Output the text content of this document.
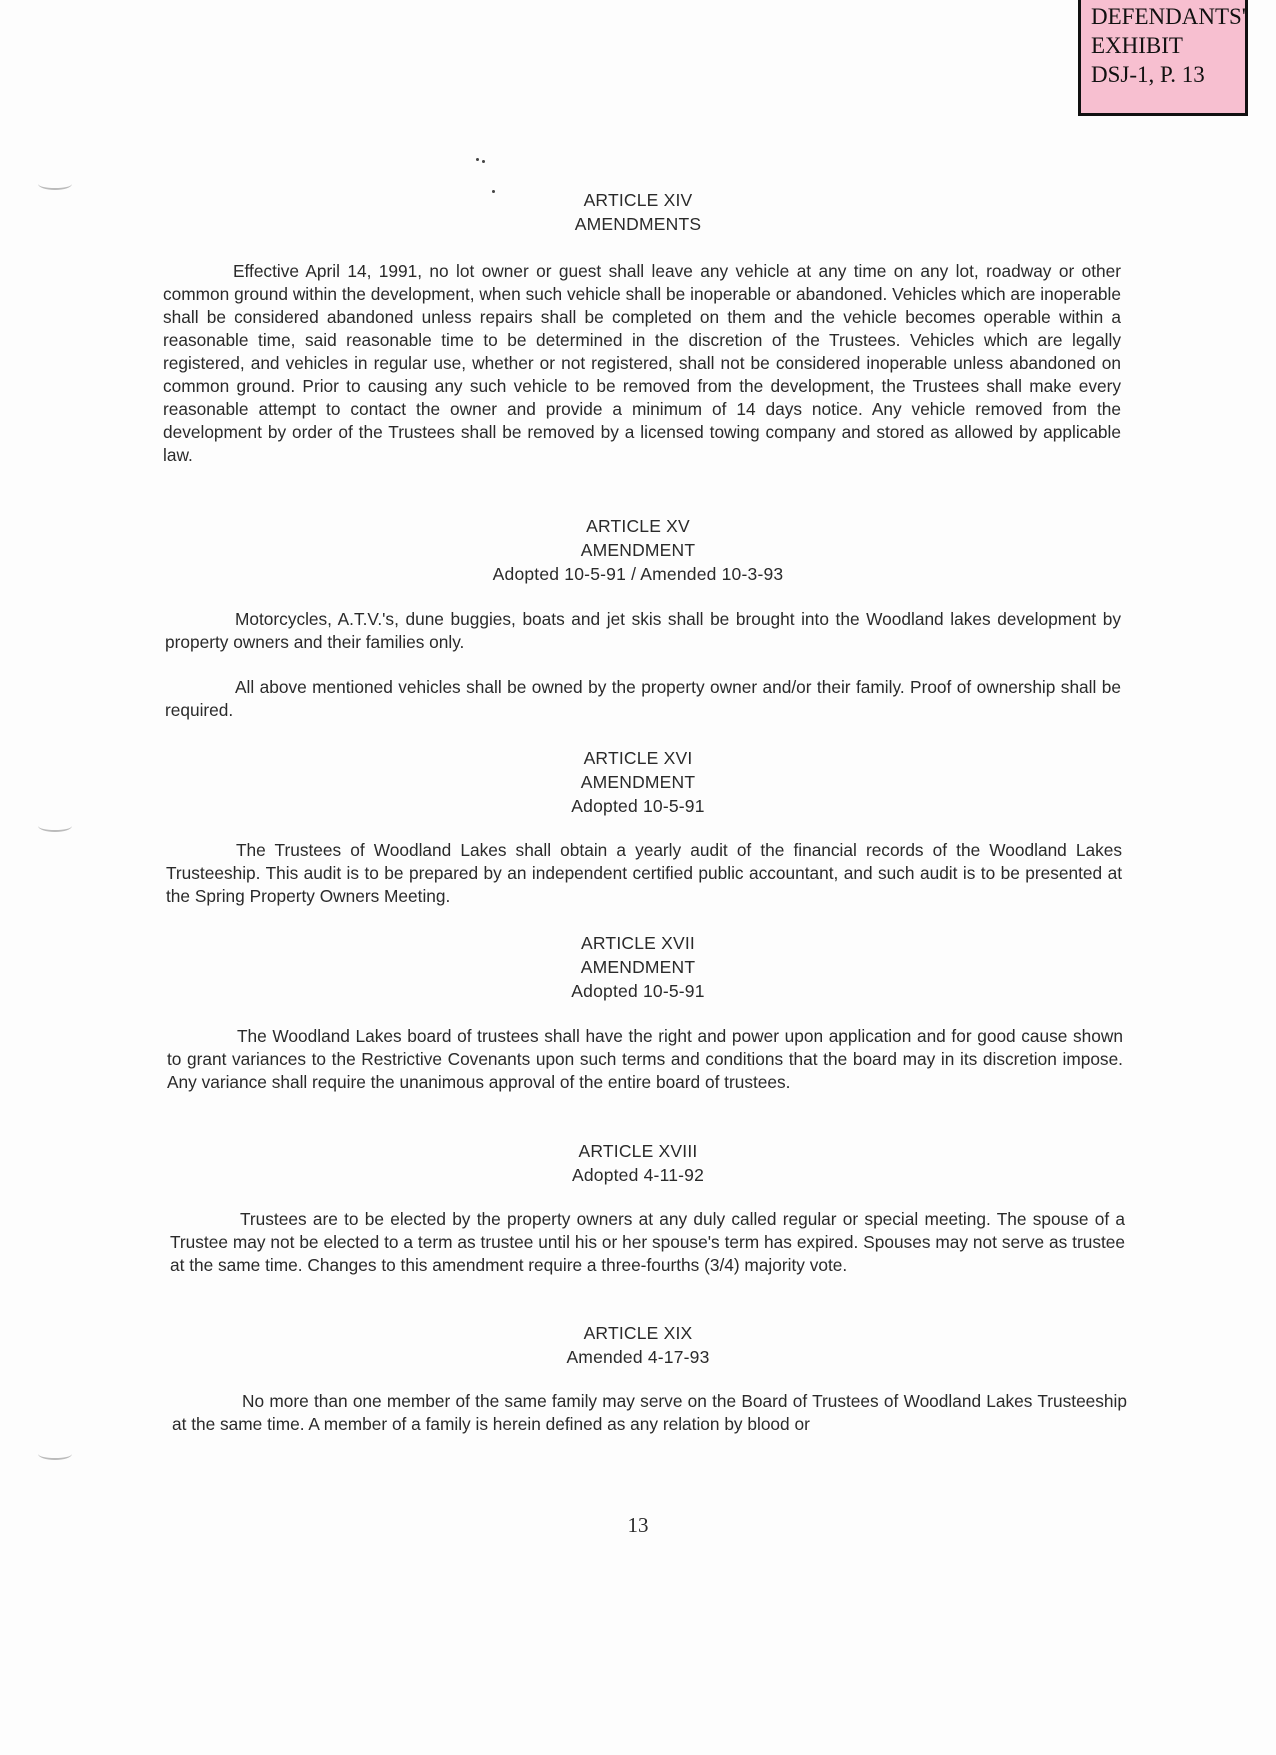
DEFENDANTS'
EXHIBIT
DSJ-1, P. 13
ARTICLE XIV
AMENDMENTS
Effective April 14, 1991, no lot owner or guest shall leave any vehicle at any time on any lot, roadway or other common ground within the development, when such vehicle shall be inoperable or abandoned. Vehicles which are inoperable shall be considered abandoned unless repairs shall be completed on them and the vehicle becomes operable within a reasonable time, said reasonable time to be determined in the discretion of the Trustees. Vehicles which are legally registered, and vehicles in regular use, whether or not registered, shall not be considered inoperable unless abandoned on common ground. Prior to causing any such vehicle to be removed from the development, the Trustees shall make every reasonable attempt to contact the owner and provide a minimum of 14 days notice. Any vehicle removed from the development by order of the Trustees shall be removed by a licensed towing company and stored as allowed by applicable law.
ARTICLE XV
AMENDMENT
Adopted 10-5-91 / Amended 10-3-93
Motorcycles, A.T.V.'s, dune buggies, boats and jet skis shall be brought into the Woodland lakes development by property owners and their families only.
All above mentioned vehicles shall be owned by the property owner and/or their family. Proof of ownership shall be required.
ARTICLE XVI
AMENDMENT
Adopted 10-5-91
The Trustees of Woodland Lakes shall obtain a yearly audit of the financial records of the Woodland Lakes Trusteeship. This audit is to be prepared by an independent certified public accountant, and such audit is to be presented at the Spring Property Owners Meeting.
ARTICLE XVII
AMENDMENT
Adopted 10-5-91
The Woodland Lakes board of trustees shall have the right and power upon application and for good cause shown to grant variances to the Restrictive Covenants upon such terms and conditions that the board may in its discretion impose. Any variance shall require the unanimous approval of the entire board of trustees.
ARTICLE XVIII
Adopted 4-11-92
Trustees are to be elected by the property owners at any duly called regular or special meeting. The spouse of a Trustee may not be elected to a term as trustee until his or her spouse's term has expired. Spouses may not serve as trustee at the same time. Changes to this amendment require a three-fourths (3/4) majority vote.
ARTICLE XIX
Amended 4-17-93
No more than one member of the same family may serve on the Board of Trustees of Woodland Lakes Trusteeship at the same time. A member of a family is herein defined as any relation by blood or
13
